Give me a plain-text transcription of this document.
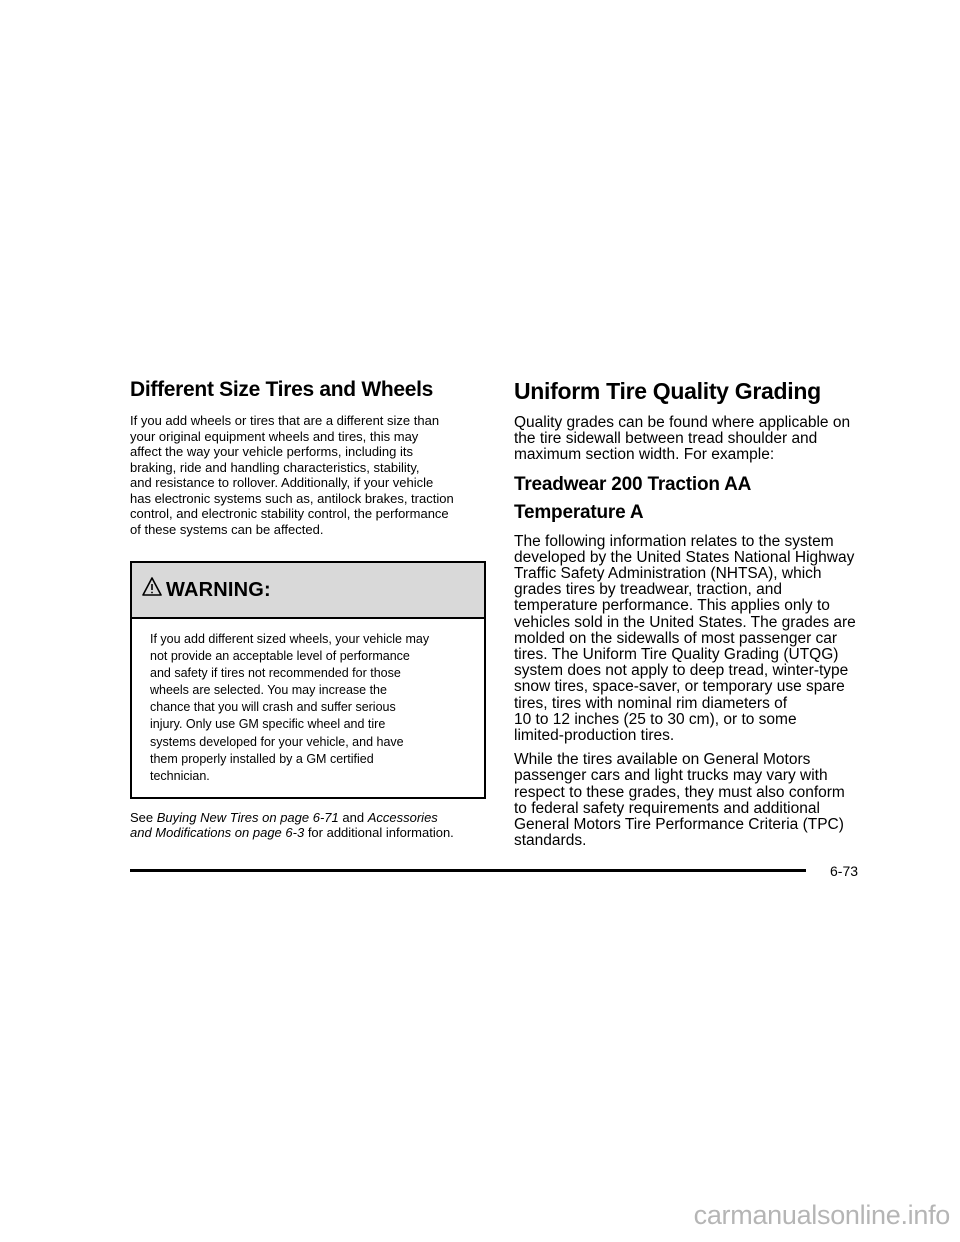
Different Size Tires and Wheels

If you add wheels or tires that are a different size than
your original equipment wheels and tires, this may
affect the way your vehicle performs, including its
braking, ride and handling characteristics, stability,
and resistance to rollover. Additionally, if your vehicle
has electronic systems such as, antilock brakes, traction
control, and electronic stability control, the performance
of these systems can be affected.

WARNING:
If you add different sized wheels, your vehicle may
not provide an acceptable level of performance
and safety if tires not recommended for those
wheels are selected. You may increase the
chance that you will crash and suffer serious
injury. Only use GM specific wheel and tire
systems developed for your vehicle, and have
them properly installed by a GM certified
technician.

See Buying New Tires on page 6-71 and Accessories
and Modifications on page 6-3 for additional information.

Uniform Tire Quality Grading

Quality grades can be found where applicable on
the tire sidewall between tread shoulder and
maximum section width. For example:

Treadwear 200 Traction AA
Temperature A

The following information relates to the system
developed by the United States National Highway
Traffic Safety Administration (NHTSA), which
grades tires by treadwear, traction, and
temperature performance. This applies only to
vehicles sold in the United States. The grades are
molded on the sidewalls of most passenger car
tires. The Uniform Tire Quality Grading (UTQG)
system does not apply to deep tread, winter-type
snow tires, space-saver, or temporary use spare
tires, tires with nominal rim diameters of
10 to 12 inches (25 to 30 cm), or to some
limited-production tires.

While the tires available on General Motors
passenger cars and light trucks may vary with
respect to these grades, they must also conform
to federal safety requirements and additional
General Motors Tire Performance Criteria (TPC)
standards.

6-73
carmanualsonline.info
